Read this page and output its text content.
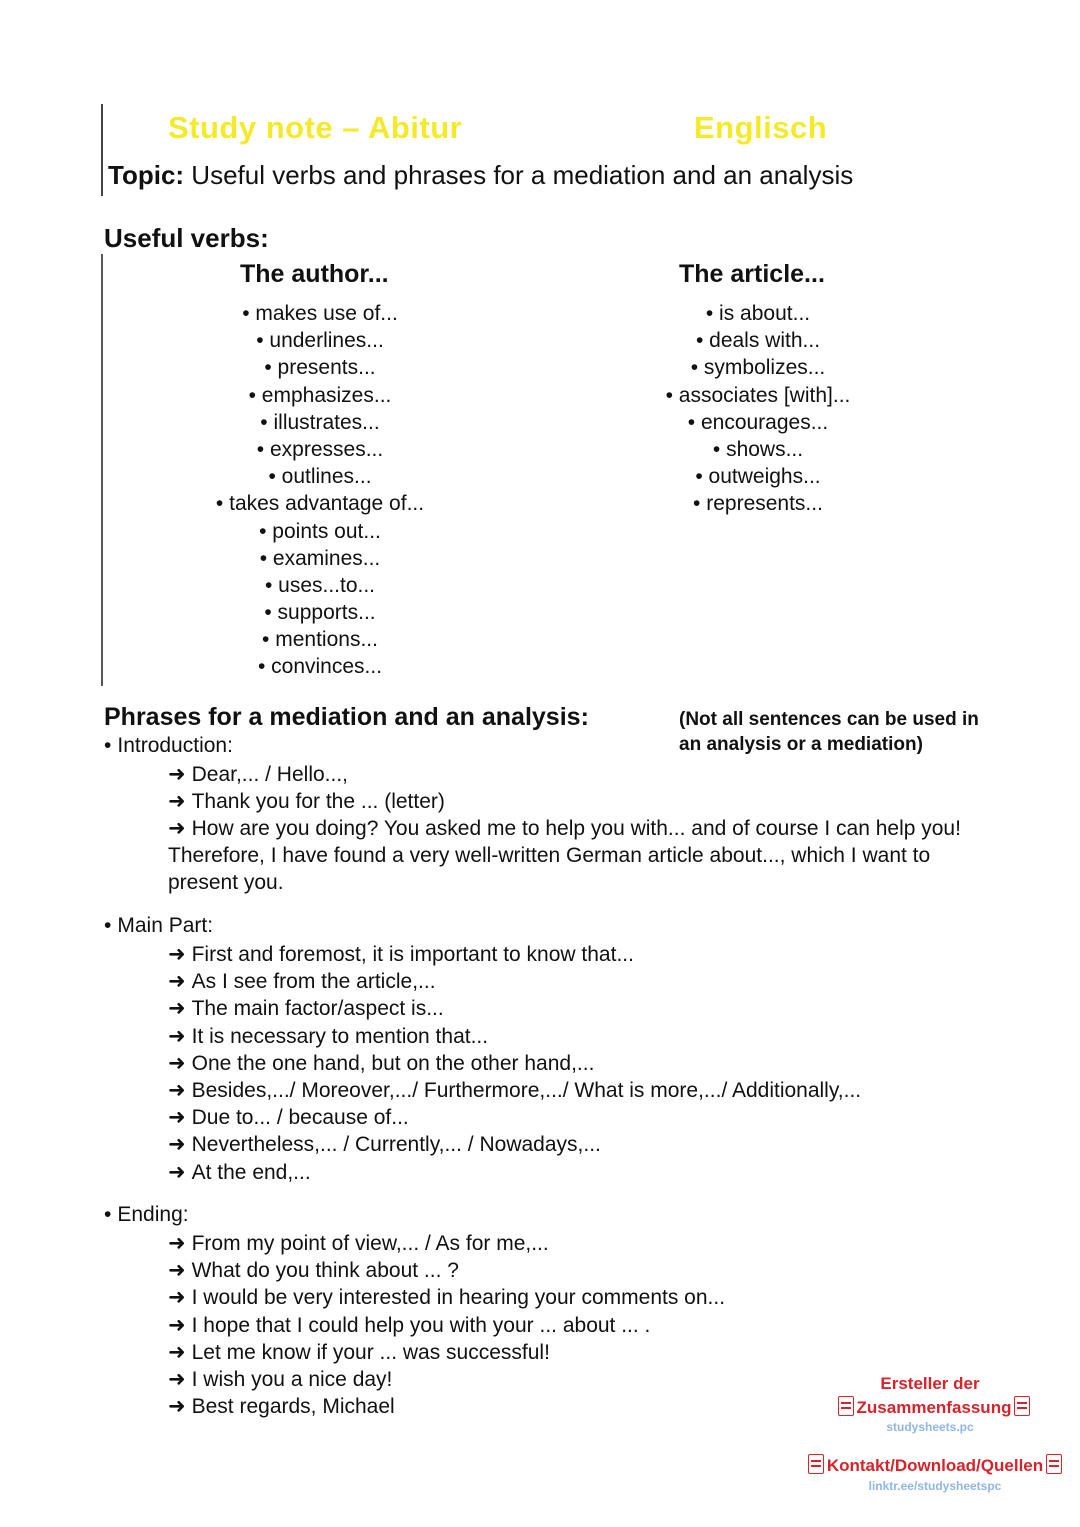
Study note – Abitur	Englisch
Topic: Useful verbs and phrases for a mediation and an analysis
Useful verbs:
The author...	The article...
• makes use of...
• underlines...
• presents...
• emphasizes...
• illustrates...
• expresses...
• outlines...
• takes advantage of...
• points out...
• examines...
• uses...to...
• supports...
• mentions...
• convinces...
• is about...
• deals with...
• symbolizes...
• associates [with]...
• encourages...
• shows...
• outweighs...
• represents...
Phrases for a mediation and an analysis:	(Not all sentences can be used in an analysis or a mediation)
• Introduction:
➜ Dear,... / Hello...,
➜ Thank you for the ... (letter)
➜ How are you doing? You asked me to help you with... and of course I can help you! Therefore, I have found a very well-written German article about..., which I want to present you.
• Main Part:
➜ First and foremost, it is important to know that...
➜ As I see from the article,...
➜ The main factor/aspect is...
➜ It is necessary to mention that...
➜ One the one hand, but on the other hand,...
➜ Besides,.../ Moreover,.../ Furthermore,.../ What is more,.../ Additionally,...
➜ Due to... / because of...
➜ Nevertheless,... / Currently,... / Nowadays,...
➜ At the end,...
• Ending:
➜ From my point of view,... / As for me,...
➜ What do you think about ... ?
➜ I would be very interested in hearing your comments on...
➜ I hope that I could help you with your ... about ... .
➜ Let me know if your ... was successful!
➜ I wish you a nice day!
➜ Best regards, Michael
Ersteller der
Zusammenfassung
studysheets.pc
Kontakt/Download/Quellen
linktr.ee/studysheetspc
